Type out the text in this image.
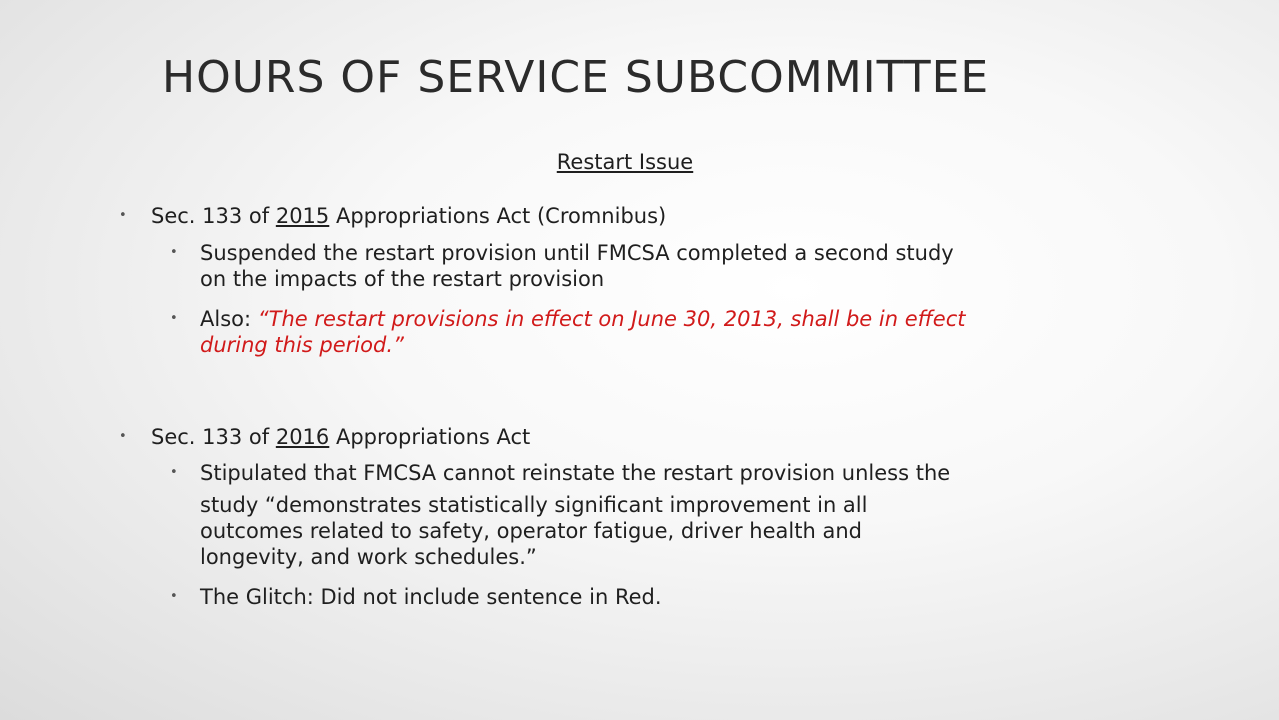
HOURS OF SERVICE SUBCOMMITTEE
Restart Issue
• Sec. 133 of 2015 Appropriations Act (Cromnibus)
• Suspended the restart provision until FMCSA completed a second study
on the impacts of the restart provision
• Also: “The restart provisions in effect on June 30, 2013, shall be in effect
during this period.”
• Sec. 133 of 2016 Appropriations Act
• Stipulated that FMCSA cannot reinstate the restart provision unless the
study “demonstrates statistically significant improvement in all
outcomes related to safety, operator fatigue, driver health and
longevity, and work schedules.”
• The Glitch: Did not include sentence in Red.
